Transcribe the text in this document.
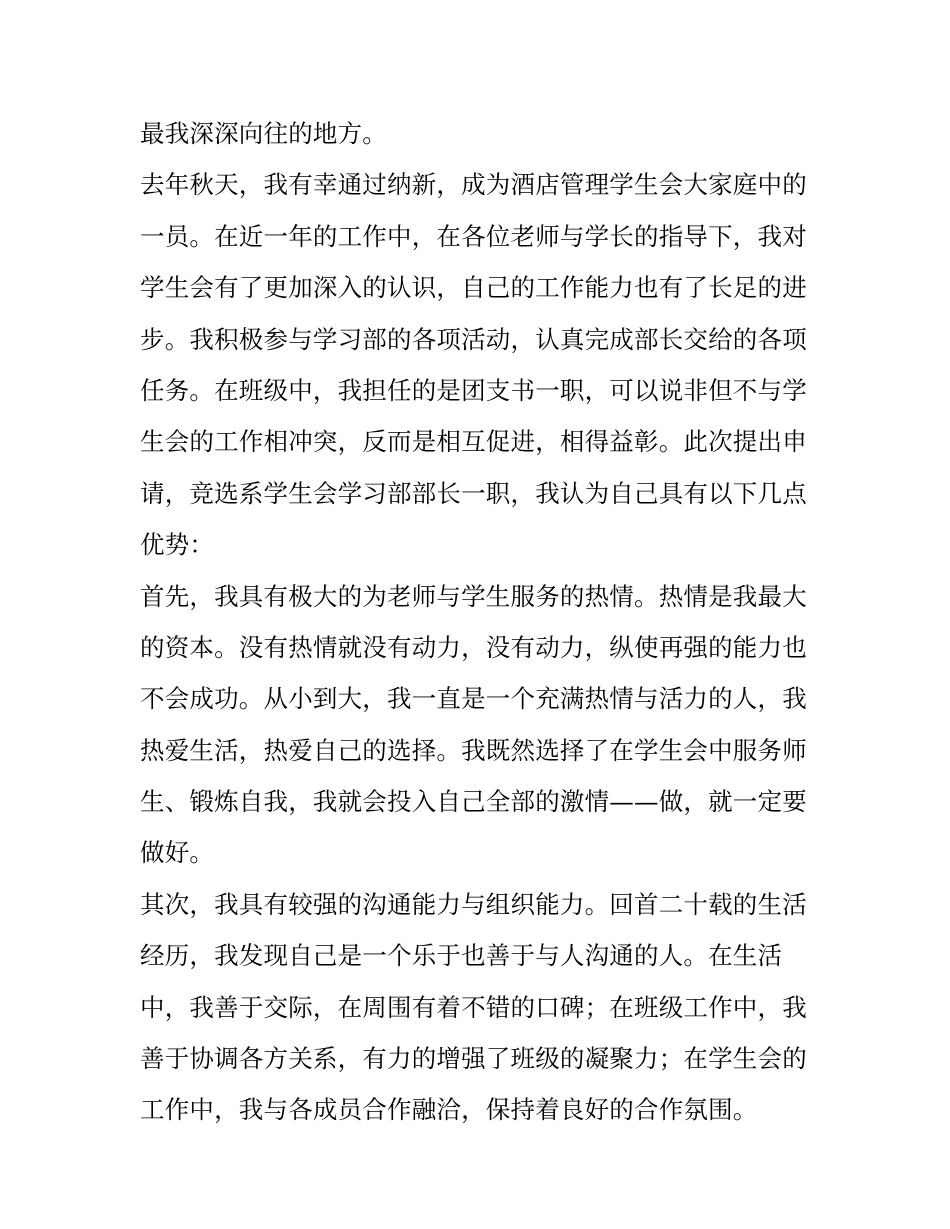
最我深深向往的地方。
去年秋天，我有幸通过纳新，成为酒店管理学生会大家庭中的
一员。在近一年的工作中，在各位老师与学长的指导下，我对
学生会有了更加深入的认识，自己的工作能力也有了长足的进
步。我积极参与学习部的各项活动，认真完成部长交给的各项
任务。在班级中，我担任的是团支书一职，可以说非但不与学
生会的工作相冲突，反而是相互促进，相得益彰。此次提出申
请，竞选系学生会学习部部长一职，我认为自己具有以下几点
优势：
首先，我具有极大的为老师与学生服务的热情。热情是我最大
的资本。没有热情就没有动力，没有动力，纵使再强的能力也
不会成功。从小到大，我一直是一个充满热情与活力的人，我
热爱生活，热爱自己的选择。我既然选择了在学生会中服务师
生、锻炼自我，我就会投入自己全部的激情——做，就一定要
做好。
其次，我具有较强的沟通能力与组织能力。回首二十载的生活
经历，我发现自己是一个乐于也善于与人沟通的人。在生活
中，我善于交际，在周围有着不错的口碑；在班级工作中，我
善于协调各方关系，有力的增强了班级的凝聚力；在学生会的
工作中，我与各成员合作融洽，保持着良好的合作氛围。
